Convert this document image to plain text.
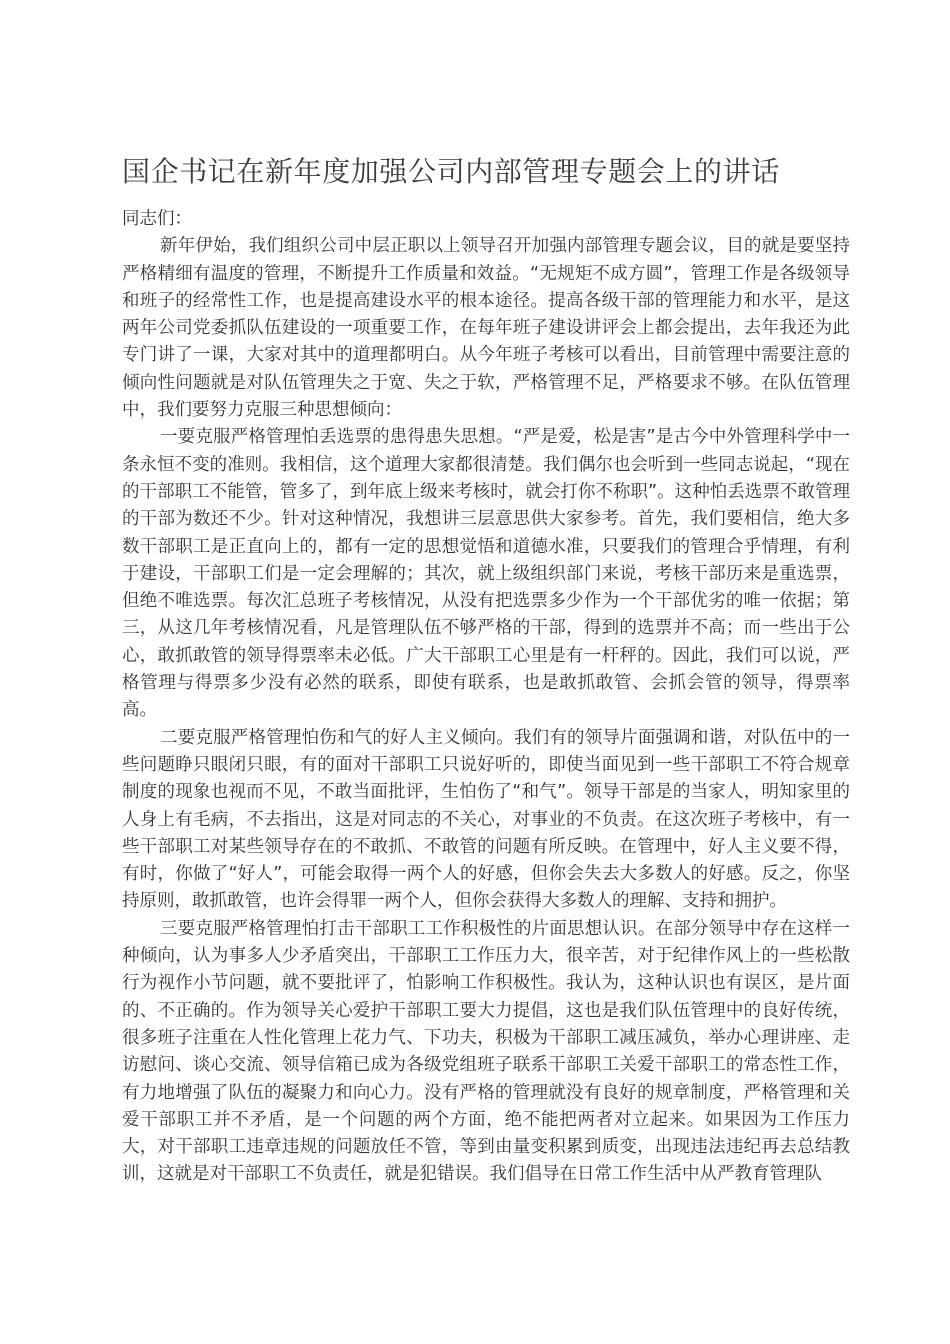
国企书记在新年度加强公司内部管理专题会上的讲话

同志们：

新年伊始，我们组织公司中层正职以上领导召开加强内部管理专题会议，目的就是要坚持严格精细有温度的管理，不断提升工作质量和效益。“无规矩不成方圆”，管理工作是各级领导和班子的经常性工作，也是提高建设水平的根本途径。提高各级干部的管理能力和水平，是这两年公司党委抓队伍建设的一项重要工作，在每年班子建设讲评会上都会提出，去年我还为此专门讲了一课，大家对其中的道理都明白。从今年班子考核可以看出，目前管理中需要注意的倾向性问题就是对队伍管理失之于宽、失之于软，严格管理不足，严格要求不够。在队伍管理中，我们要努力克服三种思想倾向：

一要克服严格管理怕丢选票的患得患失思想。“严是爱，松是害”是古今中外管理科学中一条永恒不变的准则。我相信，这个道理大家都很清楚。我们偶尔也会听到一些同志说起，“现在的干部职工不能管，管多了，到年底上级来考核时，就会打你不称职”。这种怕丢选票不敢管理的干部为数还不少。针对这种情况，我想讲三层意思供大家参考。首先，我们要相信，绝大多数干部职工是正直向上的，都有一定的思想觉悟和道德水准，只要我们的管理合乎情理，有利于建设，干部职工们是一定会理解的；其次，就上级组织部门来说，考核干部历来是重选票，但绝不唯选票。每次汇总班子考核情况，从没有把选票多少作为一个干部优劣的唯一依据；第三，从这几年考核情况看，凡是管理队伍不够严格的干部，得到的选票并不高；而一些出于公心，敢抓敢管的领导得票率未必低。广大干部职工心里是有一杆秤的。因此，我们可以说，严格管理与得票多少没有必然的联系，即使有联系，也是敢抓敢管、会抓会管的领导，得票率高。

二要克服严格管理怕伤和气的好人主义倾向。我们有的领导片面强调和谐，对队伍中的一些问题睁只眼闭只眼，有的面对干部职工只说好听的，即使当面见到一些干部职工不符合规章制度的现象也视而不见，不敢当面批评，生怕伤了“和气”。领导干部是的当家人，明知家里的人身上有毛病，不去指出，这是对同志的不关心，对事业的不负责。在这次班子考核中，有一些干部职工对某些领导存在的不敢抓、不敢管的问题有所反映。在管理中，好人主义要不得，有时，你做了“好人”，可能会取得一两个人的好感，但你会失去大多数人的好感。反之，你坚持原则，敢抓敢管，也许会得罪一两个人，但你会获得大多数人的理解、支持和拥护。

三要克服严格管理怕打击干部职工工作积极性的片面思想认识。在部分领导中存在这样一种倾向，认为事多人少矛盾突出，干部职工工作压力大，很辛苦，对于纪律作风上的一些松散行为视作小节问题，就不要批评了，怕影响工作积极性。我认为，这种认识也有误区，是片面的、不正确的。作为领导关心爱护干部职工要大力提倡，这也是我们队伍管理中的良好传统，很多班子注重在人性化管理上花力气、下功夫，积极为干部职工减压减负，举办心理讲座、走访慰问、谈心交流、领导信箱已成为各级党组班子联系干部职工关爱干部职工的常态性工作，有力地增强了队伍的凝聚力和向心力。没有严格的管理就没有良好的规章制度，严格管理和关爱干部职工并不矛盾，是一个问题的两个方面，绝不能把两者对立起来。如果因为工作压力大，对干部职工违章违规的问题放任不管，等到由量变积累到质变，出现违法违纪再去总结教训，这就是对干部职工不负责任，就是犯错误。我们倡导在日常工作生活中从严教育管理队
